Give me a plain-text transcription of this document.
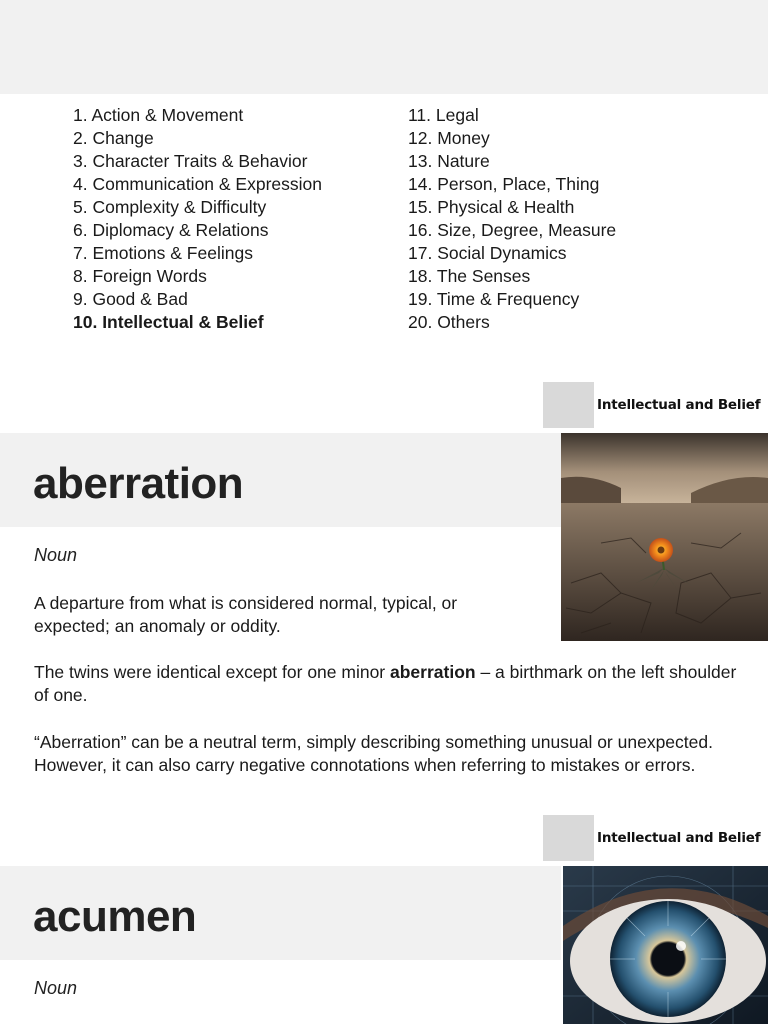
1. Action & Movement
2. Change
3. Character Traits & Behavior
4. Communication & Expression
5. Complexity & Difficulty
6. Diplomacy & Relations
7. Emotions & Feelings
8. Foreign Words
9. Good & Bad
10. Intellectual & Belief
11. Legal
12. Money
13. Nature
14. Person, Place, Thing
15. Physical & Health
16. Size, Degree, Measure
17. Social Dynamics
18. The Senses
19. Time & Frequency
20. Others
Intellectual and Belief
aberration
Noun
A departure from what is considered normal, typical, or expected; an anomaly or oddity.
The twins were identical except for one minor aberration – a birthmark on the left shoulder of one.
“Aberration” can be a neutral term, simply describing something unusual or unexpected. However, it can also carry negative connotations when referring to mistakes or errors.
Intellectual and Belief
acumen
Noun
